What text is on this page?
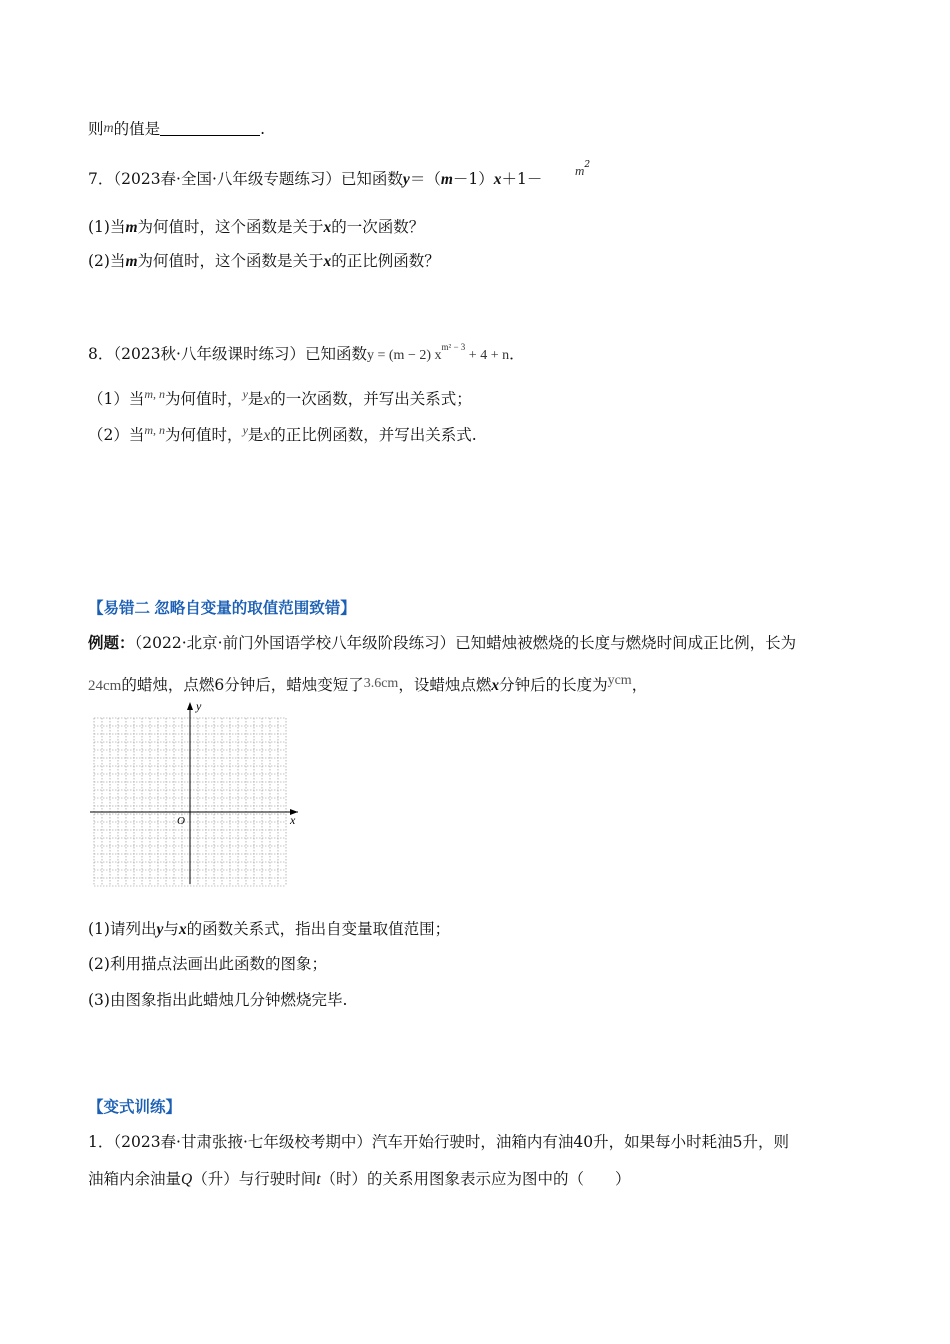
则m的值是	.
7．（2023春·全国·八年级专题练习）已知函数y＝（m－1）x＋1－	$m^2$
(1)当m为何值时，这个函数是关于x的一次函数？
(2)当m为何值时，这个函数是关于x的正比例函数？
8．（2023秋·八年级课时练习）已知函数y = (m − 2) $x^{m^2 - 3} + 4 + n$．
（1）当$^{m, n}$为何值时，$^y$是x的一次函数，并写出关系式；
（2）当$^{m, n}$为何值时，$^y$是x的正比例函数，并写出关系式.
【易错二 忽略自变量的取值范围致错】
例题：（2022·北京·前门外国语学校八年级阶段练习）已知蜡烛被燃烧的长度与燃烧时间成正比例，长为
24cm的蜡烛，点燃6分钟后，蜡烛变短了3.6cm，设蜡烛点燃x分钟后的长度为ycm，
y
x
O
(1)请列出y与x的函数关系式，指出自变量取值范围；
(2)利用描点法画出此函数的图象；
(3)由图象指出此蜡烛几分钟燃烧完毕.
【变式训练】
1．（2023春·甘肃张掖·七年级校考期中）汽车开始行驶时，油箱内有油40升，如果每小时耗油5升，则
油箱内余油量Q（升）与行驶时间t（时）的关系用图象表示应为图中的（　　）
